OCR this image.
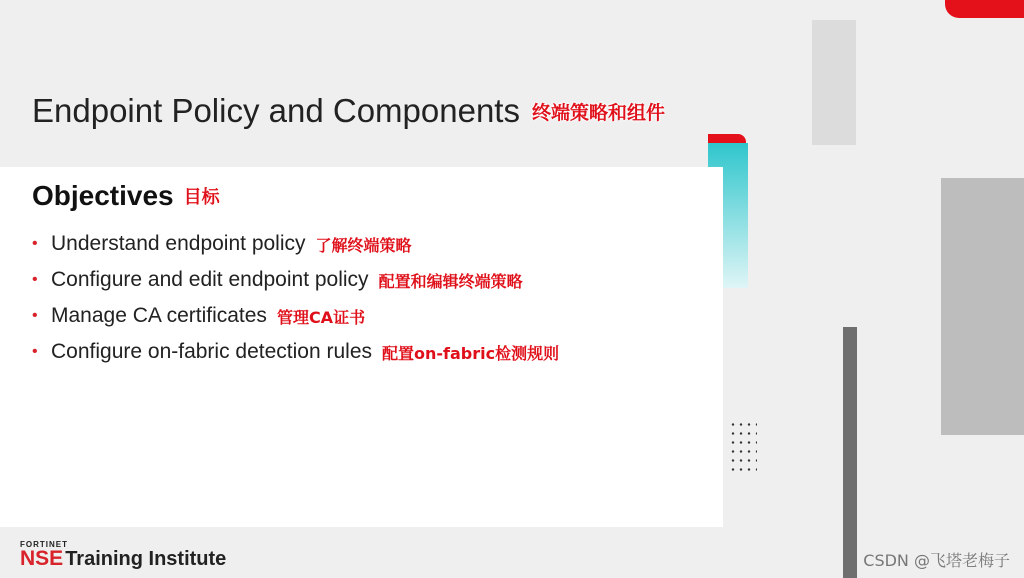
Endpoint Policy and Components 终端策略和组件
Objectives 目标
• Understand endpoint policy 了解终端策略
• Configure and edit endpoint policy 配置和编辑终端策略
• Manage CA certificates 管理CA证书
• Configure on-fabric detection rules 配置on-fabric检测规则
FORTINET
NSE Training Institute	CSDN @飞塔老梅子
